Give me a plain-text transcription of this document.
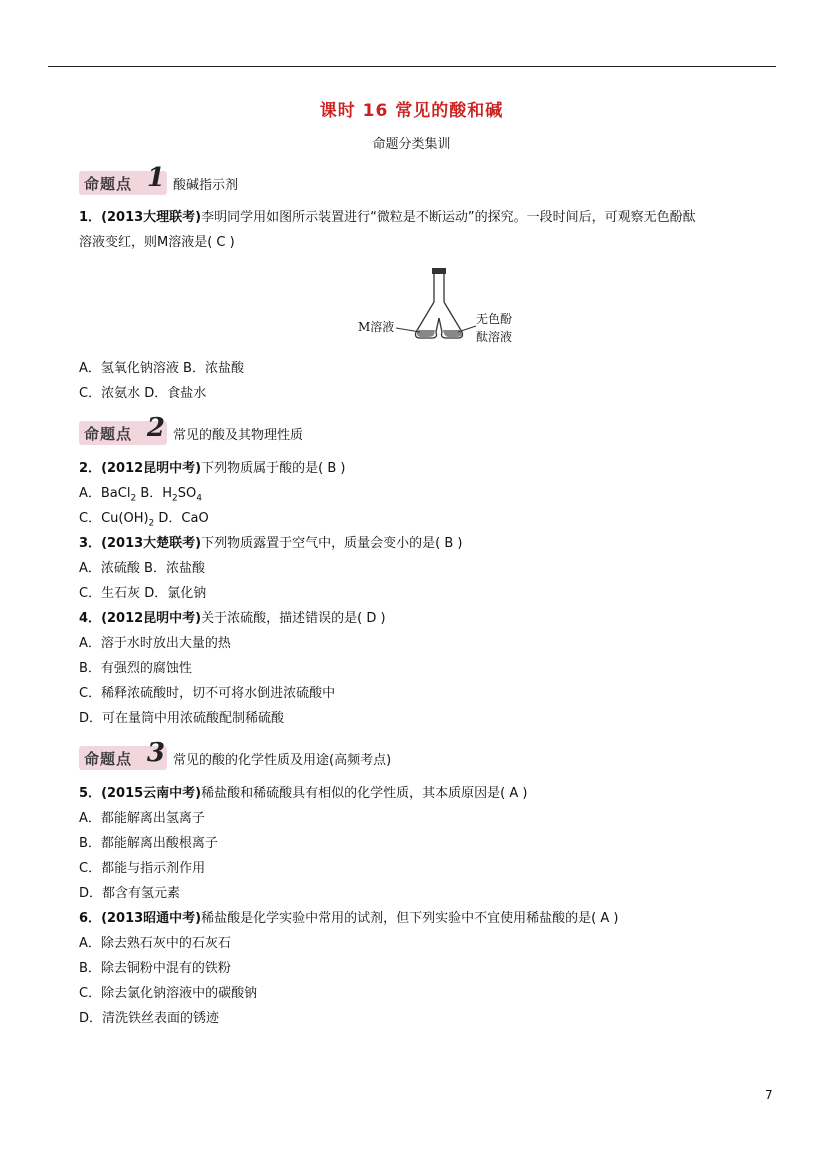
课时 16 常见的酸和碱
命题分类集训
命题点 1 酸碱指示剂
1．(2013大理联考)李明同学用如图所示装置进行“微粒是不断运动”的探究。一段时间后，可观察无色酚酞
溶液变红，则M溶液是( C )
M溶液
无色酚
酞溶液
A．氢氧化钠溶液 B．浓盐酸
C．浓氨水 D．食盐水
命题点 2 常见的酸及其物理性质
2．(2012昆明中考)下列物质属于酸的是( B )
A．BaCl$_2$ B．$H_2SO_4$
C．$Cu(OH)_2$ D．CaO
3．(2013大楚联考)下列物质露置于空气中，质量会变小的是( B )
A．浓硫酸 B．浓盐酸
C．生石灰 D．氯化钠
4．(2012昆明中考)关于浓硫酸，描述错误的是( D )
A．溶于水时放出大量的热
B．有强烈的腐蚀性
C．稀释浓硫酸时，切不可将水倒进浓硫酸中
D．可在量筒中用浓硫酸配制稀硫酸
命题点 3 常见的酸的化学性质及用途(高频考点)
5．(2015云南中考)稀盐酸和稀硫酸具有相似的化学性质，其本质原因是( A )
A．都能解离出氢离子
B．都能解离出酸根离子
C．都能与指示剂作用
D．都含有氢元素
6．(2013昭通中考)稀盐酸是化学实验中常用的试剂，但下列实验中不宜使用稀盐酸的是( A )
A．除去熟石灰中的石灰石
B．除去铜粉中混有的铁粉
C．除去氯化钠溶液中的碳酸钠
D．清洗铁丝表面的锈迹
7
